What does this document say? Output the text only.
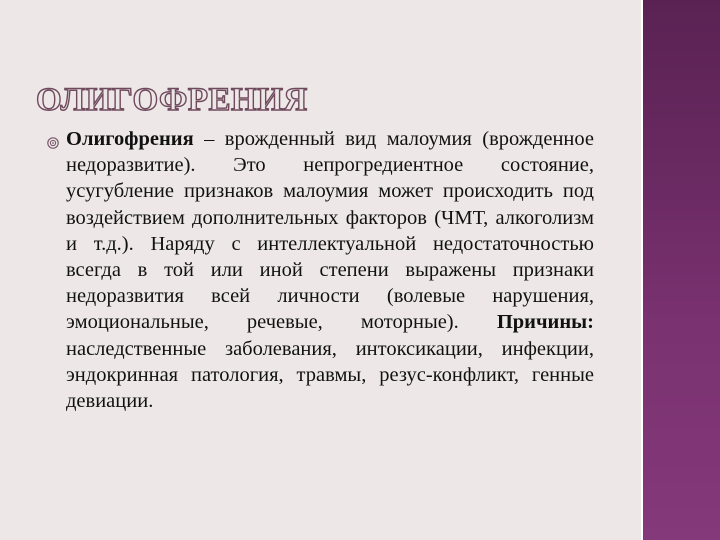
ОЛИГОФРЕНИЯ

Олигофрения – врожденный вид малоумия (врожденное недоразвитие). Это непрогредиентное состояние, усугубление признаков малоумия может происходить под воздействием дополнительных факторов (ЧМТ, алкоголизм и т.д.). Наряду с интеллектуальной недостаточностью всегда в той или иной степени выражены признаки недоразвития всей личности (волевые нарушения, эмоциональные, речевые, моторные). Причины: наследственные заболевания, интоксикации, инфекции, эндокринная патология, травмы, резус-конфликт, генные девиации.
